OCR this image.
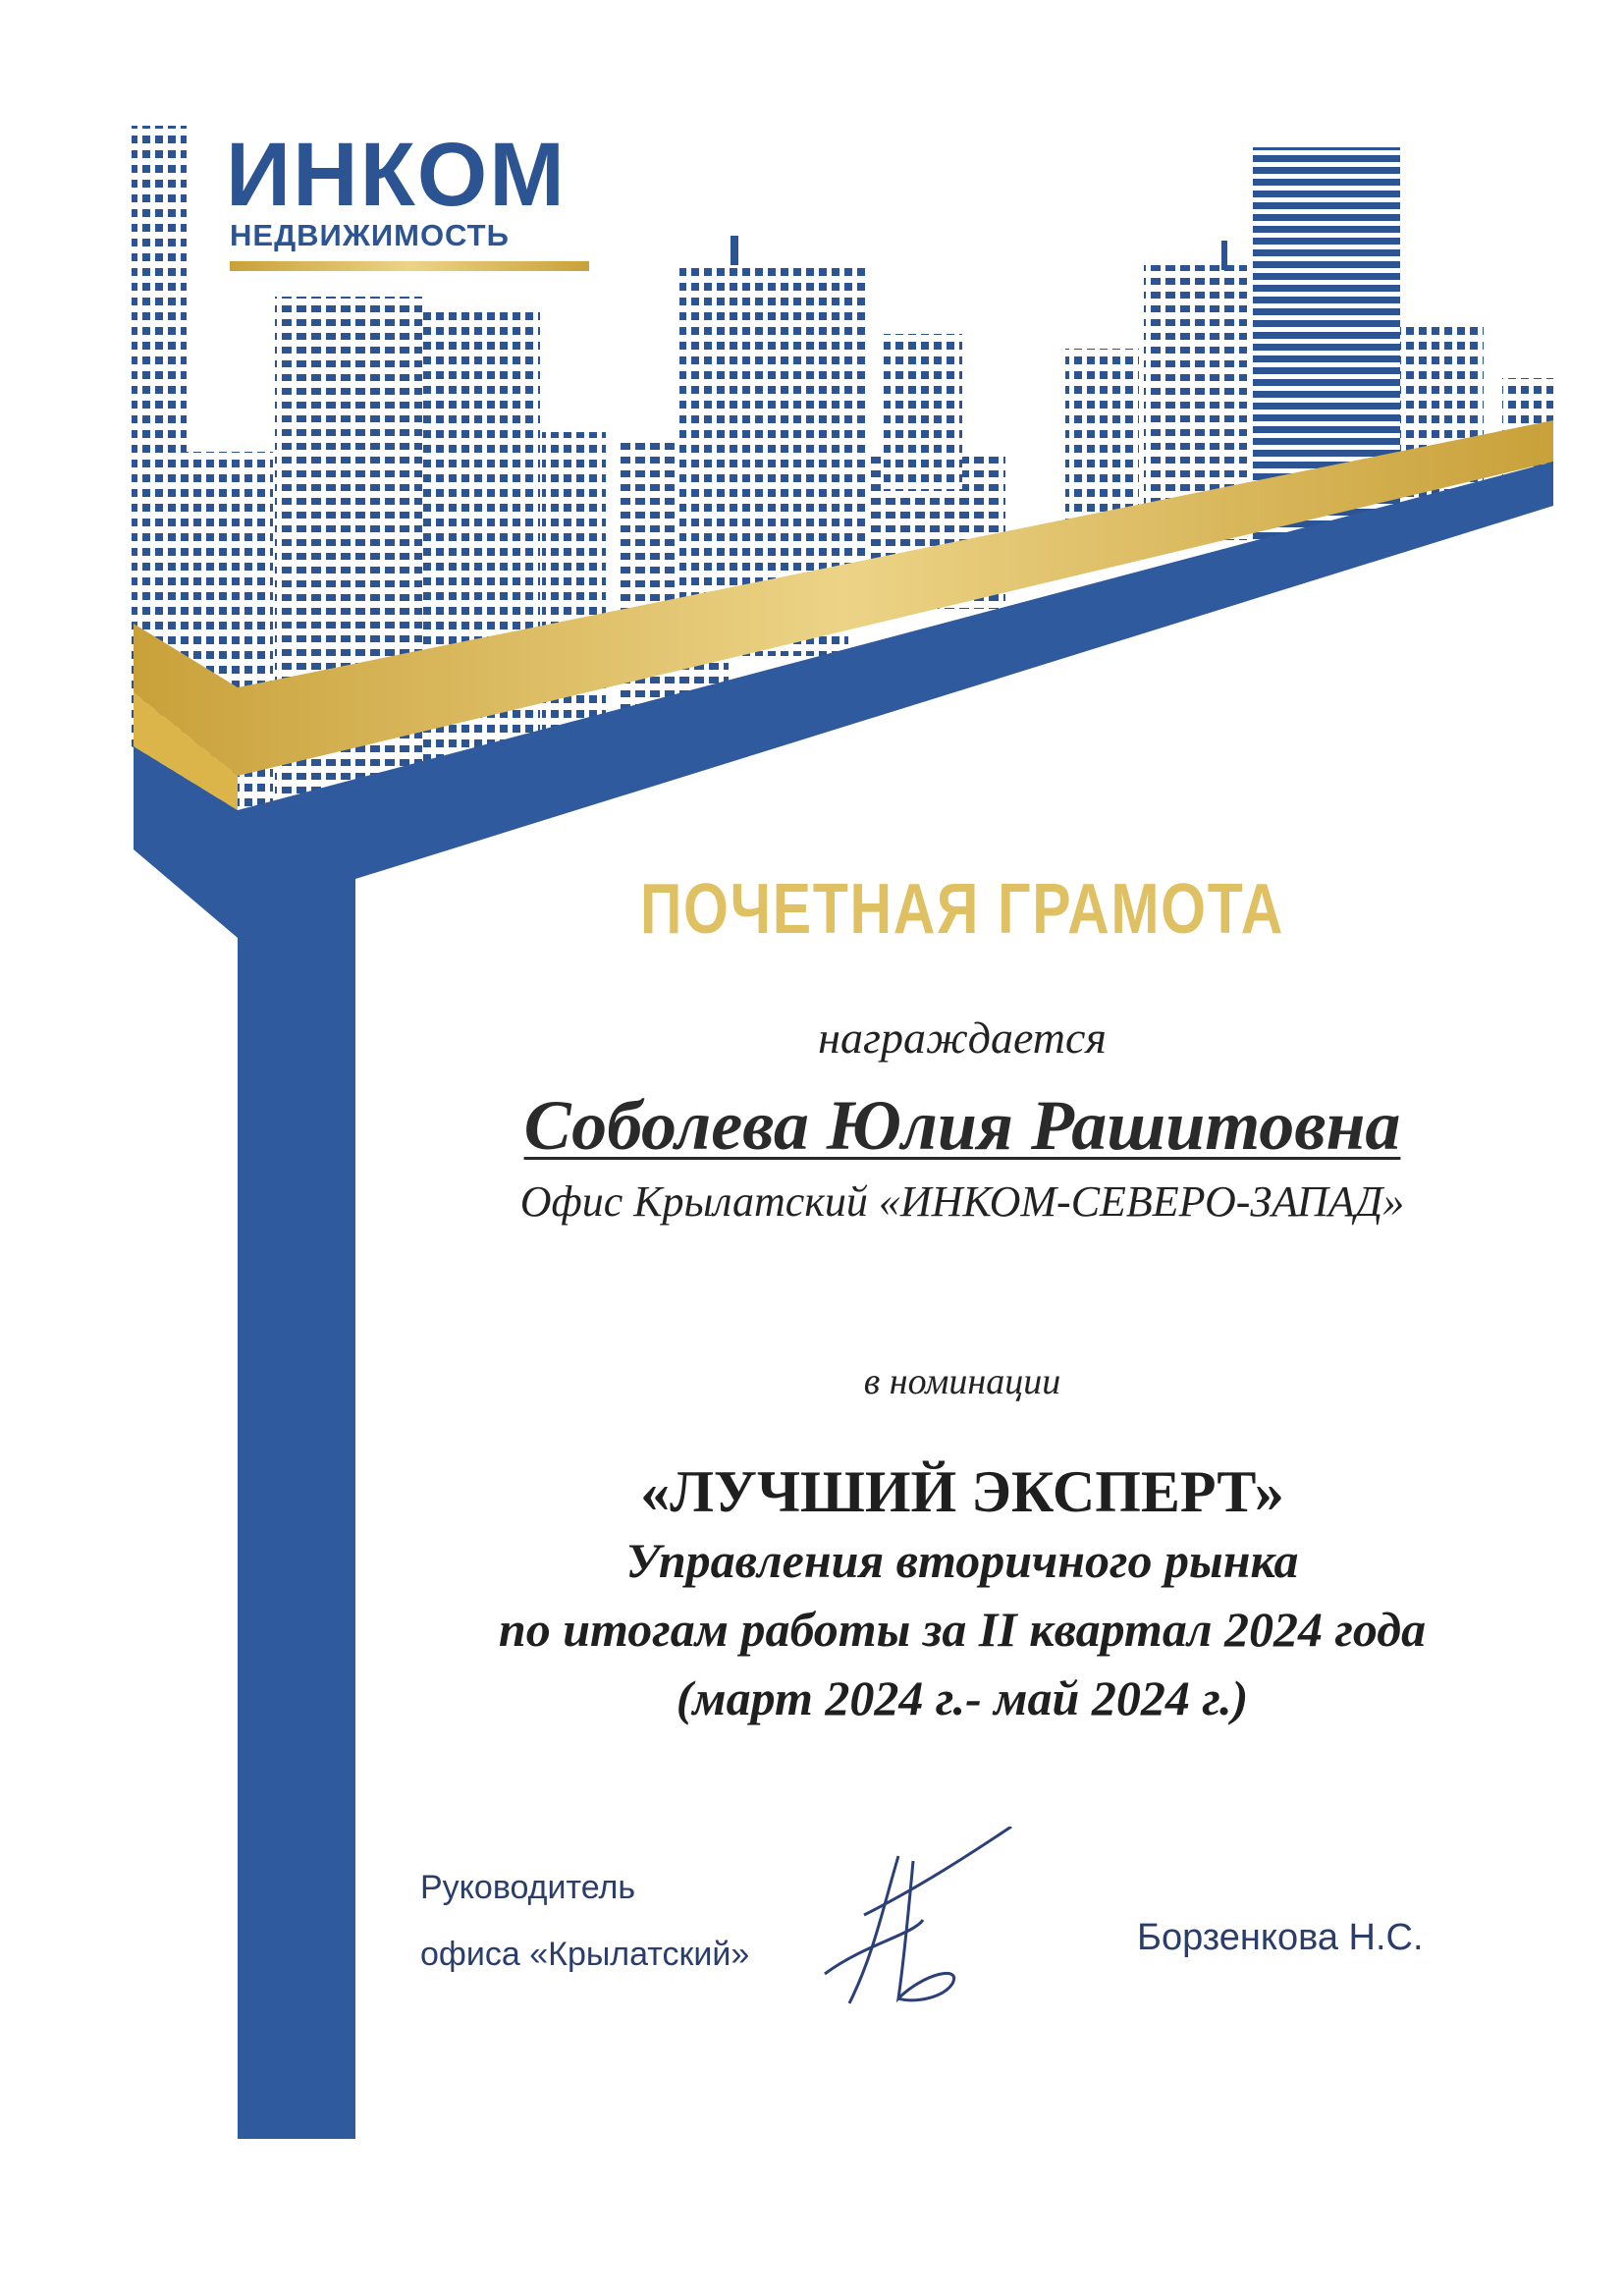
ИНКОМ
НЕДВИЖИМОСТЬ
ПОЧЕТНАЯ ГРАМОТА
награждается
Соболева Юлия Рашитовна
Офис Крылатский «ИНКОМ-СЕВЕРО-ЗАПАД»
в номинации
«ЛУЧШИЙ ЭКСПЕРТ»
Управления вторичного рынка
по итогам работы за II квартал 2024 года
(март 2024 г.- май 2024 г.)
Руководитель
офиса «Крылатский»	Борзенкова Н.С.
